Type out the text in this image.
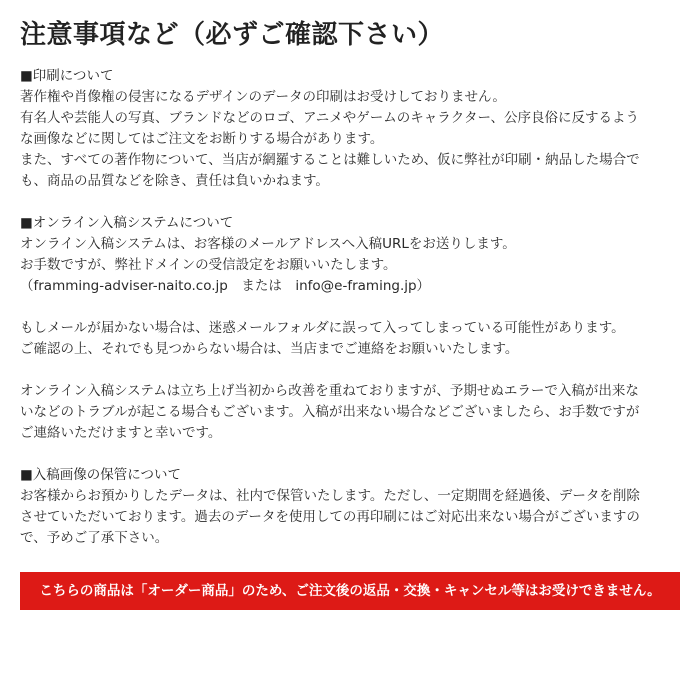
注意事項など（必ずご確認下さい）
■印刷について
著作権や肖像権の侵害になるデザインのデータの印刷はお受けしておりません。
有名人や芸能人の写真、ブランドなどのロゴ、アニメやゲームのキャラクター、公序良俗に反するよう
な画像などに関してはご注文をお断りする場合があります。
また、すべての著作物について、当店が網羅することは難しいため、仮に弊社が印刷・納品した場合で
も、商品の品質などを除き、責任は負いかねます。
■オンライン入稿システムについて
オンライン入稿システムは、お客様のメールアドレスへ入稿URLをお送りします。
お手数ですが、弊社ドメインの受信設定をお願いいたします。
（framming-adviser-naito.co.jp　または　info@e-framing.jp）
もしメールが届かない場合は、迷惑メールフォルダに誤って入ってしまっている可能性があります。
ご確認の上、それでも見つからない場合は、当店までご連絡をお願いいたします。
オンライン入稿システムは立ち上げ当初から改善を重ねておりますが、予期せぬエラーで入稿が出来な
いなどのトラブルが起こる場合もございます。入稿が出来ない場合などございましたら、お手数ですが
ご連絡いただけますと幸いです。
■入稿画像の保管について
お客様からお預かりしたデータは、社内で保管いたします。ただし、一定期間を経過後、データを削除
させていただいております。過去のデータを使用しての再印刷にはご対応出来ない場合がございますの
で、予めご了承下さい。
こちらの商品は「オーダー商品」のため、ご注文後の返品・交換・キャンセル等はお受けできません。
